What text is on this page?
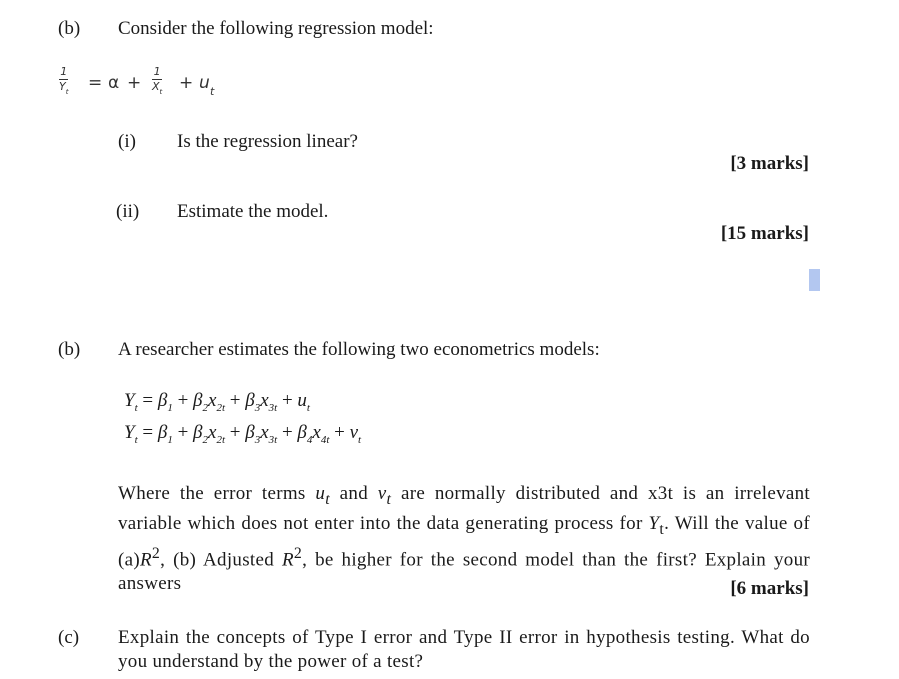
(b) Consider the following regression model:
1
$Y_t = \alpha$ +
1
$X_t + u$ t
(i) Is the regression linear?
[3 marks]
(ii) Estimate the model.
[15 marks]
(b) A researcher estimates the following two econometrics models:
$Y_t = \beta_1 + \beta_2x_{2t} + \beta_3x_{3t} + u_t$
$Y_t = \beta_1 + \beta_2x_{2t} + \beta_3x_{3t} + \beta_4x_{4t} + v_t$
Where the error terms $u_t$ and $v_t$ are normally distributed and x3t is an irrelevant variable which does not enter into the data generating process for $Y_t$. Will the value of $(a)R^2$, (b) Adjusted $R^2$, be higher for the second model than the first? Explain your answers	[6 marks]
(c) Explain the concepts of Type I error and Type II error in hypothesis testing. What do you understand by the power of a test?
